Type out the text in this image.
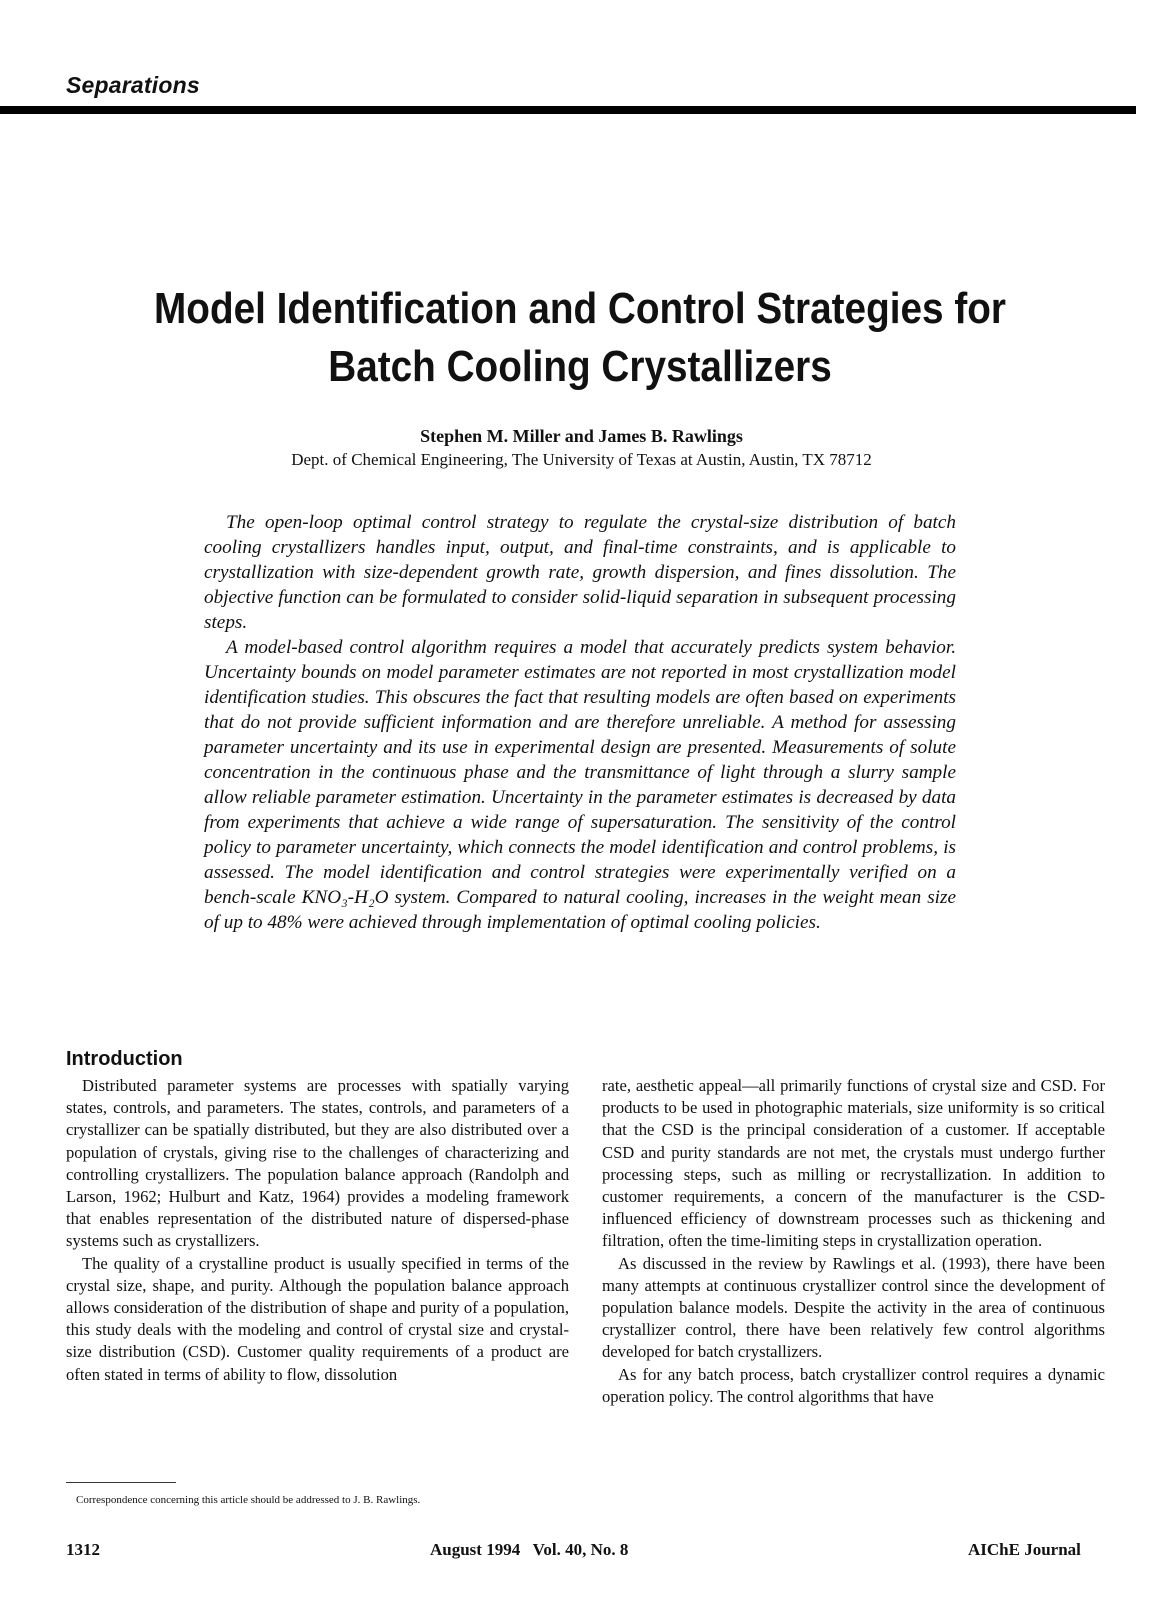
Separations
Model Identification and Control Strategies for Batch Cooling Crystallizers
Stephen M. Miller and James B. Rawlings
Dept. of Chemical Engineering, The University of Texas at Austin, Austin, TX 78712

The open-loop optimal control strategy to regulate the crystal-size distribution of batch cooling crystallizers handles input, output, and final-time constraints, and is applicable to crystallization with size-dependent growth rate, growth dispersion, and fines dissolution. The objective function can be formulated to consider solid-liquid separation in subsequent processing steps.

A model-based control algorithm requires a model that accurately predicts system behavior. Uncertainty bounds on model parameter estimates are not reported in most crystallization model identification studies. This obscures the fact that resulting models are often based on experiments that do not provide sufficient information and are therefore unreliable. A method for assessing parameter uncertainty and its use in experimental design are presented. Measurements of solute concentration in the continuous phase and the transmittance of light through a slurry sample allow reliable parameter estimation. Uncertainty in the parameter estimates is decreased by data from experiments that achieve a wide range of supersaturation. The sensitivity of the control policy to parameter uncertainty, which connects the model identification and control problems, is assessed. The model identification and control strategies were experimentally verified on a bench-scale KNO₃-H₂O system. Compared to natural cooling, increases in the weight mean size of up to 48% were achieved through implementation of optimal cooling policies.

Introduction

Distributed parameter systems are processes with spatially varying states, controls, and parameters. The states, controls, and parameters of a crystallizer can be spatially distributed, but they are also distributed over a population of crystals, giving rise to the challenges of characterizing and controlling crystallizers. The population balance approach (Randolph and Larson, 1962; Hulburt and Katz, 1964) provides a modeling framework that enables representation of the distributed nature of dispersed-phase systems such as crystallizers.

The quality of a crystalline product is usually specified in terms of the crystal size, shape, and purity. Although the population balance approach allows consideration of the distribution of shape and purity of a population, this study deals with the modeling and control of crystal size and crystal-size distribution (CSD). Customer quality requirements of a product are often stated in terms of ability to flow, dissolution

rate, aesthetic appeal—all primarily functions of crystal size and CSD. For products to be used in photographic materials, size uniformity is so critical that the CSD is the principal consideration of a customer. If acceptable CSD and purity standards are not met, the crystals must undergo further processing steps, such as milling or recrystallization. In addition to customer requirements, a concern of the manufacturer is the CSD-influenced efficiency of downstream processes such as thickening and filtration, often the time-limiting steps in crystallization operation.

As discussed in the review by Rawlings et al. (1993), there have been many attempts at continuous crystallizer control since the development of population balance models. Despite the activity in the area of continuous crystallizer control, there have been relatively few control algorithms developed for batch crystallizers.

As for any batch process, batch crystallizer control requires a dynamic operation policy. The control algorithms that have

Correspondence concerning this article should be addressed to J. B. Rawlings.
1312	August 1994   Vol. 40, No. 8	AIChE Journal
